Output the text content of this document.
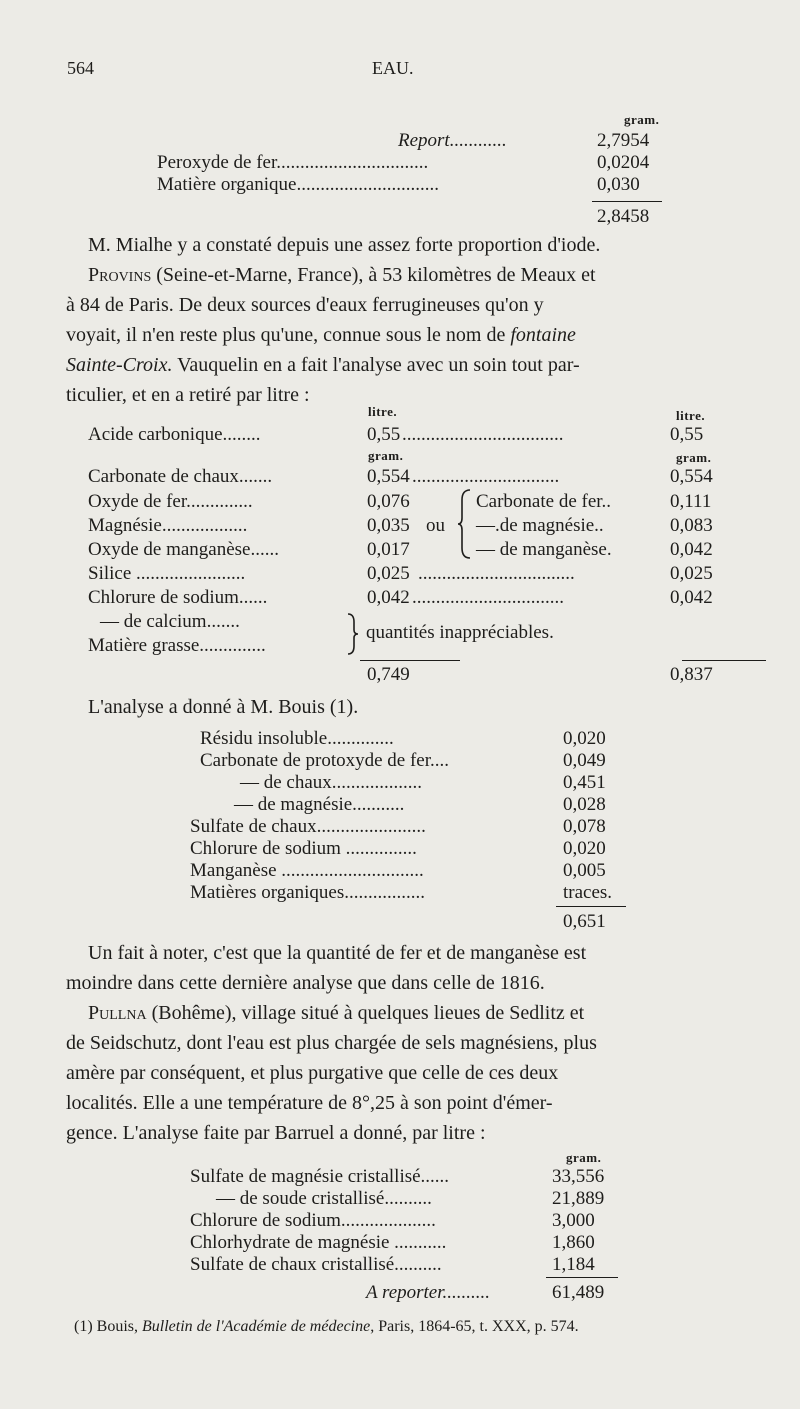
564	EAU.
gram.
Report............	2,7954
Peroxyde de fer................................	0,0204
Matière organique..............................	0,030
2,8458
M. Mialhe y a constaté depuis une assez forte proportion d'iode.
Provins (Seine-et-Marne, France), à 53 kilomètres de Meaux et
à 84 de Paris. De deux sources d'eaux ferrugineuses qu'on y
voyait, il n'en reste plus qu'une, connue sous le nom de fontaine
Sainte-Croix. Vauquelin en a fait l'analyse avec un soin tout par-
ticulier, et en a retiré par litre :
litre.	litre.
Acide carbonique........	0,55 ..................................	0,55
gram.	gram.
Carbonate de chaux.......	0,554 ...............................	0,554
Oxyde de fer..............	0,076	Carbonate de fer..	0,111
Magnésie..................	0,035 ou —.de magnésie..	0,083
Oxyde de manganèse......	0,017	— de manganèse.	0,042
Silice .......................	0,025 .................................	0,025
Chlorure de sodium......	0,042 ................................	0,042
— de calcium.......
Matière grasse..............
quantités inappréciables.
0,749	0,837
L'analyse a donné à M. Bouis (1).
Résidu insoluble..............	0,020
Carbonate de protoxyde de fer....	0,049
— de chaux...................	0,451
— de magnésie...........	0,028
Sulfate de chaux.......................	0,078
Chlorure de sodium ...............	0,020
Manganèse ..............................	0,005
Matières organiques.................	traces.
0,651
Un fait à noter, c'est que la quantité de fer et de manganèse est
moindre dans cette dernière analyse que dans celle de 1816.
Pullna (Bohême), village situé à quelques lieues de Sedlitz et
de Seidschutz, dont l'eau est plus chargée de sels magnésiens, plus
amère par conséquent, et plus purgative que celle de ces deux
localités. Elle a une température de 8°,25 à son point d'émer-
gence. L'analyse faite par Barruel a donné, par litre :
gram.
Sulfate de magnésie cristallisé......	33,556
— de soude cristallisé..........	21,889
Chlorure de sodium....................	3,000
Chlorhydrate de magnésie ...........	1,860
Sulfate de chaux cristallisé..........	1,184
A reporter..........	61,489
(1) Bouis, Bulletin de l'Académie de médecine, Paris, 1864-65, t. XXX, p. 574.
